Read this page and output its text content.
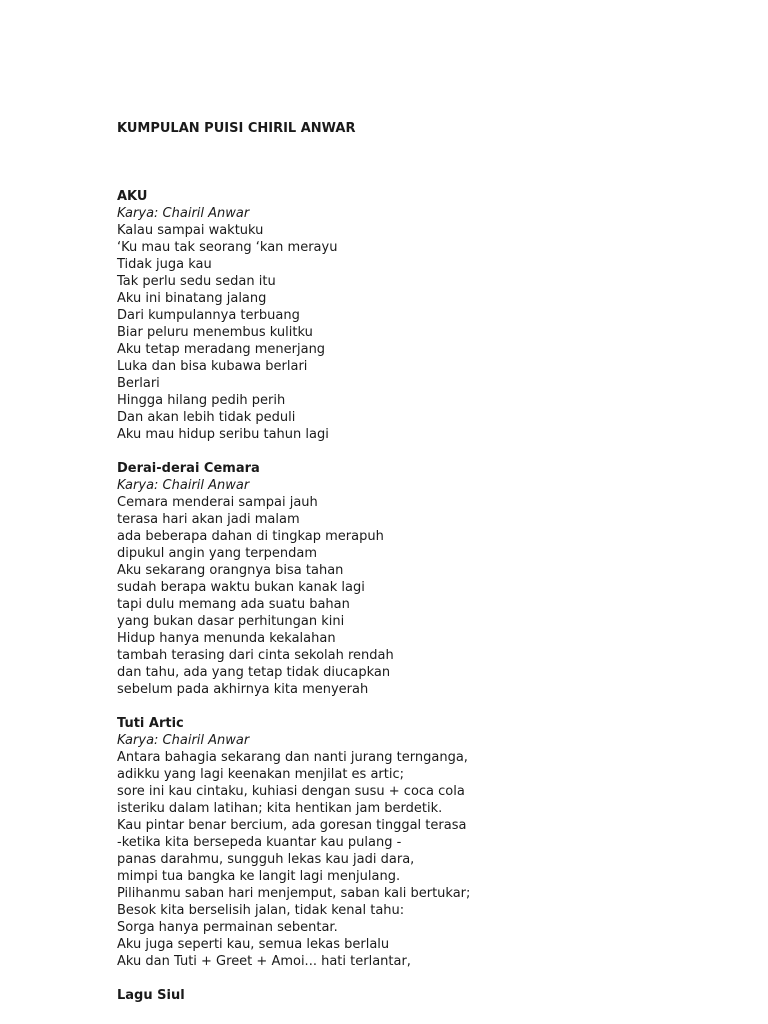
KUMPULAN PUISI CHIRIL ANWAR

AKU
Karya: Chairil Anwar
Kalau sampai waktuku
‘Ku mau tak seorang ‘kan merayu
Tidak juga kau
Tak perlu sedu sedan itu
Aku ini binatang jalang
Dari kumpulannya terbuang
Biar peluru menembus kulitku
Aku tetap meradang menerjang
Luka dan bisa kubawa berlari
Berlari
Hingga hilang pedih perih
Dan akan lebih tidak peduli
Aku mau hidup seribu tahun lagi
Derai-derai Cemara
Karya: Chairil Anwar
Cemara menderai sampai jauh
terasa hari akan jadi malam
ada beberapa dahan di tingkap merapuh
dipukul angin yang terpendam
Aku sekarang orangnya bisa tahan
sudah berapa waktu bukan kanak lagi
tapi dulu memang ada suatu bahan
yang bukan dasar perhitungan kini
Hidup hanya menunda kekalahan
tambah terasing dari cinta sekolah rendah
dan tahu, ada yang tetap tidak diucapkan
sebelum pada akhirnya kita menyerah
Tuti Artic
Karya: Chairil Anwar
Antara bahagia sekarang dan nanti jurang ternganga,
adikku yang lagi keenakan menjilat es artic;
sore ini kau cintaku, kuhiasi dengan susu + coca cola
isteriku dalam latihan; kita hentikan jam berdetik.
Kau pintar benar bercium, ada goresan tinggal terasa
-ketika kita bersepeda kuantar kau pulang -
panas darahmu, sungguh lekas kau jadi dara,
mimpi tua bangka ke langit lagi menjulang.
Pilihanmu saban hari menjemput, saban kali bertukar;
Besok kita berselisih jalan, tidak kenal tahu:
Sorga hanya permainan sebentar.
Aku juga seperti kau, semua lekas berlalu
Aku dan Tuti + Greet + Amoi... hati terlantar,
Lagu Siul
